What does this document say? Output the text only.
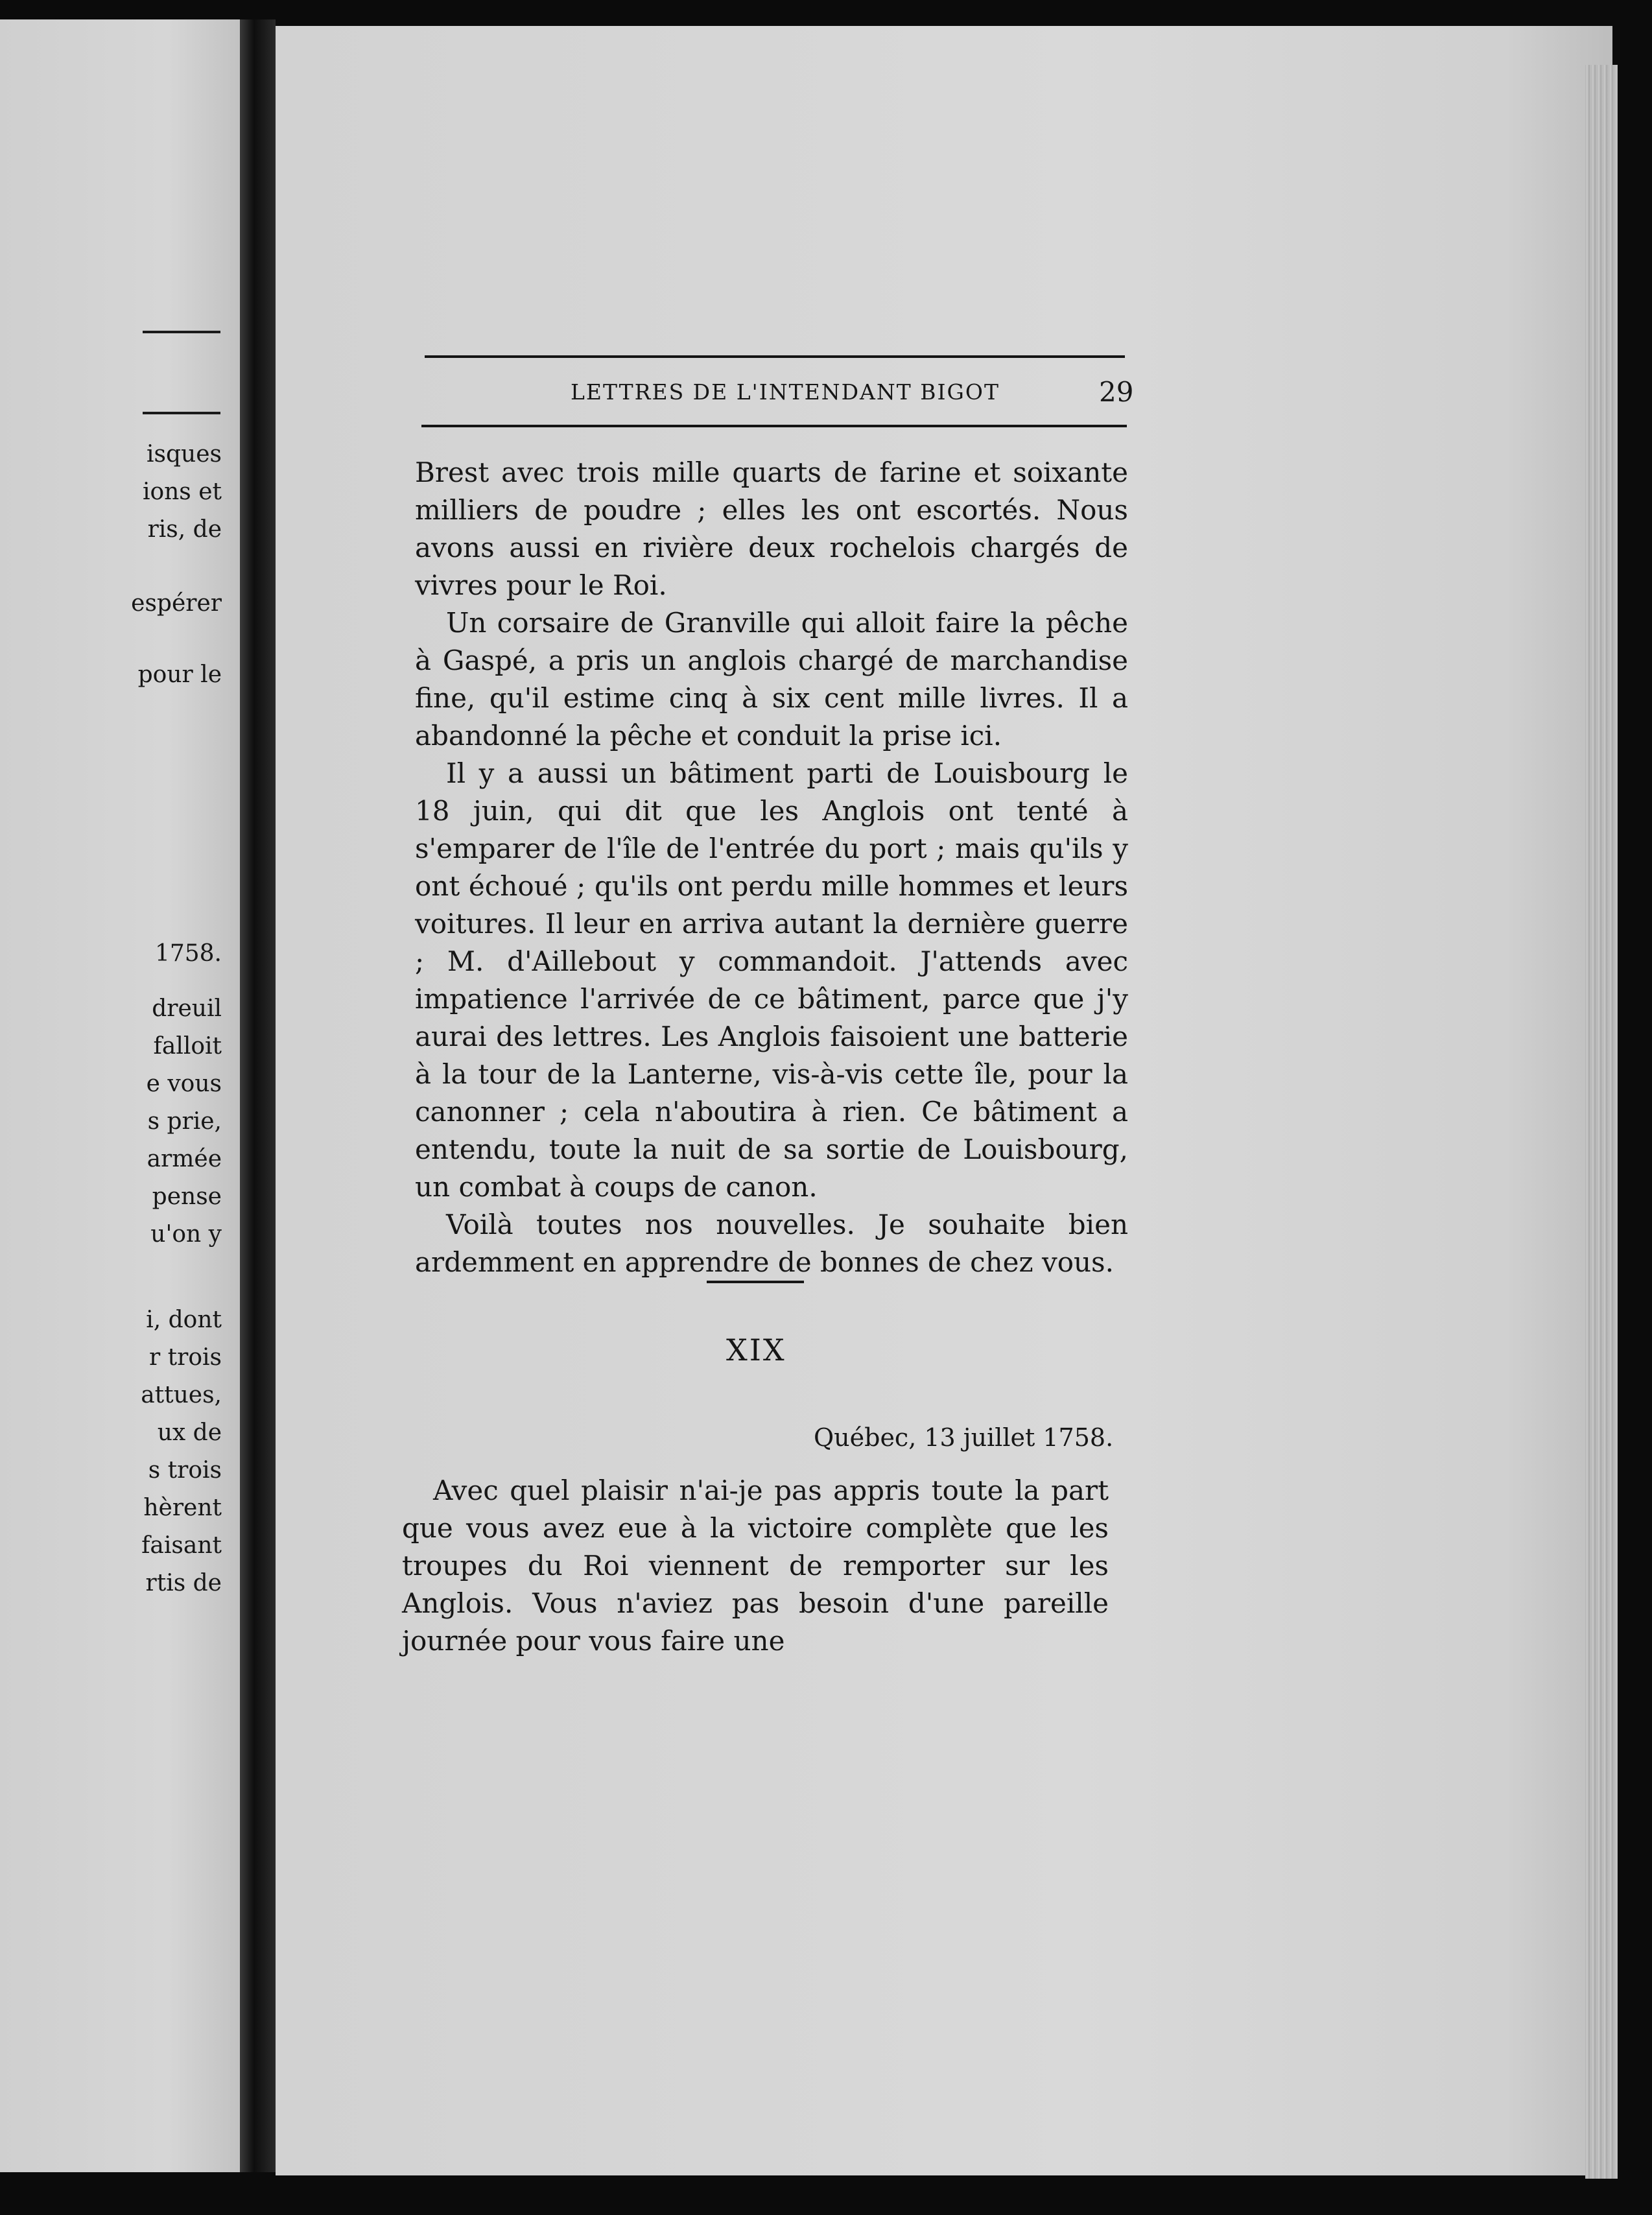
isques
ions et
ris, de
espérer
pour le
1758.
dreuil
falloit
e vous
s prie,
armée
pense
u'on y
i, dont
r trois
attues,
ux de
s trois
hèrent
faisant
rtis de
LETTRES DE L'INTENDANT BIGOT	29

Brest avec trois mille quarts de farine et soixante milliers de poudre ; elles les ont escortés. Nous avons aussi en rivière deux rochelois chargés de vivres pour le Roi.

Un corsaire de Granville qui alloit faire la pêche à Gaspé, a pris un anglois chargé de marchandise fine, qu'il estime cinq à six cent mille livres. Il a abandonné la pêche et conduit la prise ici.

Il y a aussi un bâtiment parti de Louisbourg le 18 juin, qui dit que les Anglois ont tenté à s'emparer de l'île de l'entrée du port ; mais qu'ils y ont échoué ; qu'ils ont perdu mille hommes et leurs voitures. Il leur en arriva autant la dernière guerre ; M. d'Aillebout y commandoit. J'attends avec impatience l'arrivée de ce bâtiment, parce que j'y aurai des lettres. Les Anglois faisoient une batterie à la tour de la Lanterne, vis-à-vis cette île, pour la canonner ; cela n'aboutira à rien. Ce bâtiment a entendu, toute la nuit de sa sortie de Louisbourg, un combat à coups de canon.

Voilà toutes nos nouvelles. Je souhaite bien ardemment en apprendre de bonnes de chez vous.

XIX
Québec, 13 juillet 1758.

Avec quel plaisir n'ai-je pas appris toute la part que vous avez eue à la victoire complète que les troupes du Roi viennent de remporter sur les Anglois. Vous n'aviez pas besoin d'une pareille journée pour vous faire une
